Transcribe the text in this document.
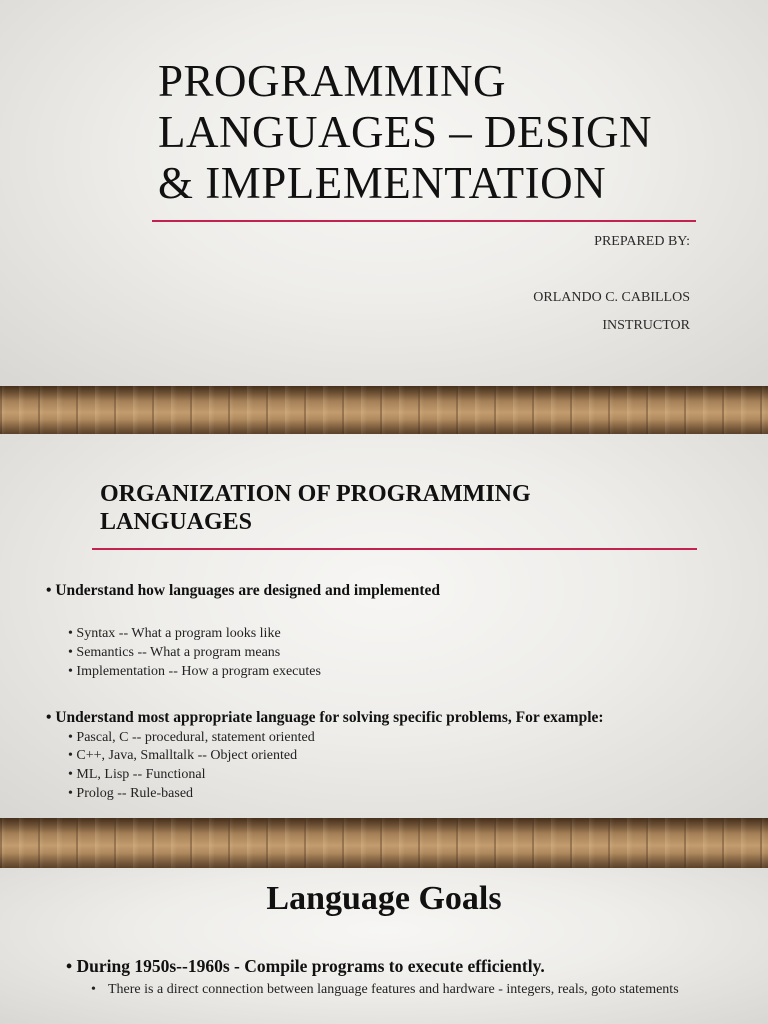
PROGRAMMING
LANGUAGES – DESIGN
& IMPLEMENTATION
PREPARED BY:
ORLANDO C. CABILLOS
INSTRUCTOR
ORGANIZATION OF PROGRAMMING
LANGUAGES
• Understand how languages are designed and implemented
• Syntax -- What a program looks like
• Semantics -- What a program means
• Implementation -- How a program executes
• Understand most appropriate language for solving specific problems, For example:
• Pascal, C -- procedural, statement oriented
• C++, Java, Smalltalk -- Object oriented
• ML, Lisp -- Functional
• Prolog -- Rule-based
Language Goals
• During 1950s--1960s - Compile programs to execute efficiently.
• There is a direct connection between language features and hardware - integers, reals, goto statements
